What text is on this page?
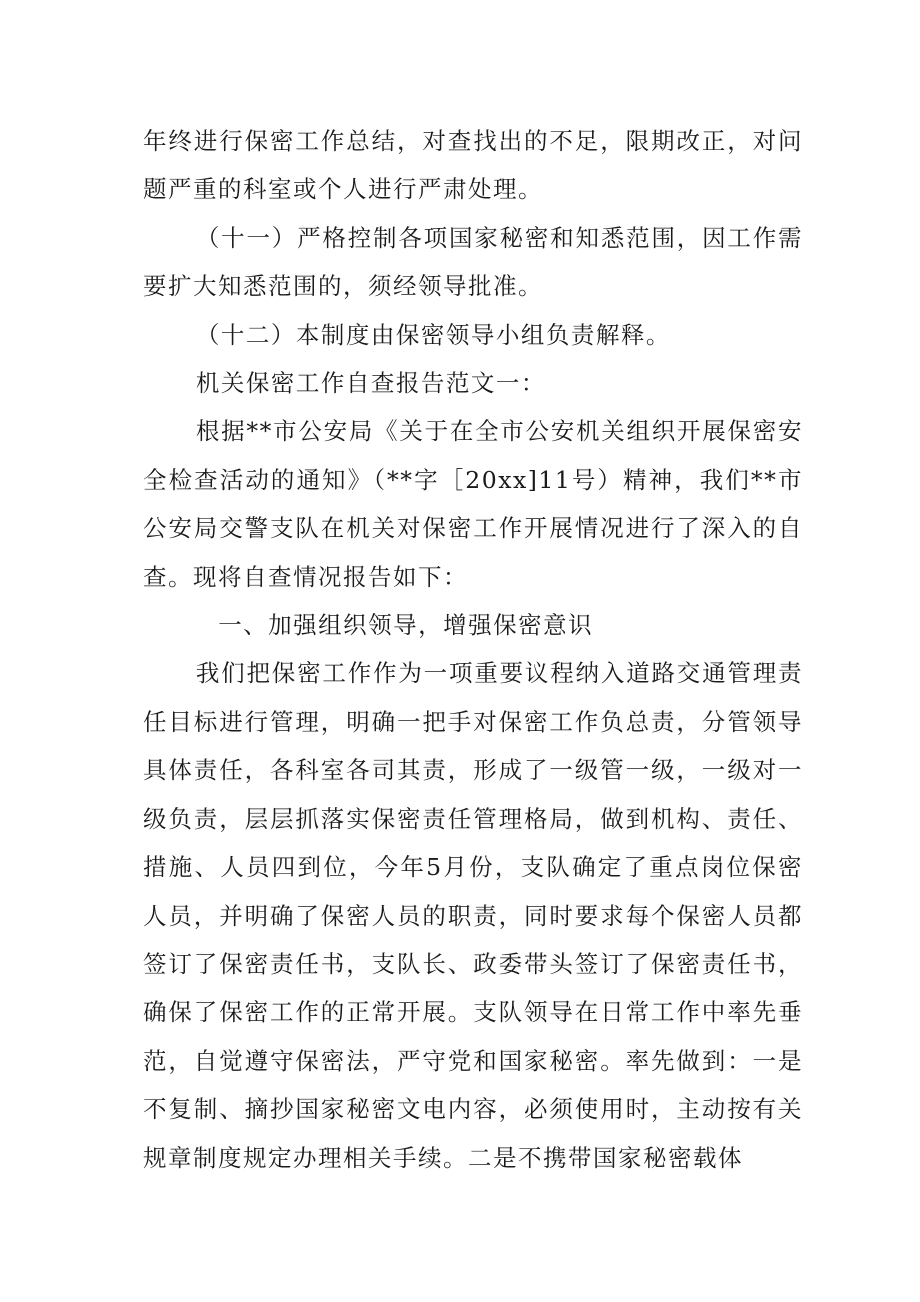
年终进行保密工作总结，对查找出的不足，限期改正，对问题严重的科室或个人进行严肃处理。

（十一）严格控制各项国家秘密和知悉范围，因工作需要扩大知悉范围的，须经领导批准。

（十二）本制度由保密领导小组负责解释。

机关保密工作自查报告范文一：

根据**市公安局《关于在全市公安机关组织开展保密安全检查活动的通知》（**字［20xx]11号）精神，我们**市公安局交警支队在机关对保密工作开展情况进行了深入的自查。现将自查情况报告如下：

一、加强组织领导，增强保密意识

我们把保密工作作为一项重要议程纳入道路交通管理责任目标进行管理，明确一把手对保密工作负总责，分管领导具体责任，各科室各司其责，形成了一级管一级，一级对一级负责，层层抓落实保密责任管理格局，做到机构、责任、措施、人员四到位，今年5月份，支队确定了重点岗位保密人员，并明确了保密人员的职责，同时要求每个保密人员都签订了保密责任书，支队长、政委带头签订了保密责任书，确保了保密工作的正常开展。支队领导在日常工作中率先垂范，自觉遵守保密法，严守党和国家秘密。率先做到：一是不复制、摘抄国家秘密文电内容，必须使用时，主动按有关规章制度规定办理相关手续。二是不携带国家秘密载体
